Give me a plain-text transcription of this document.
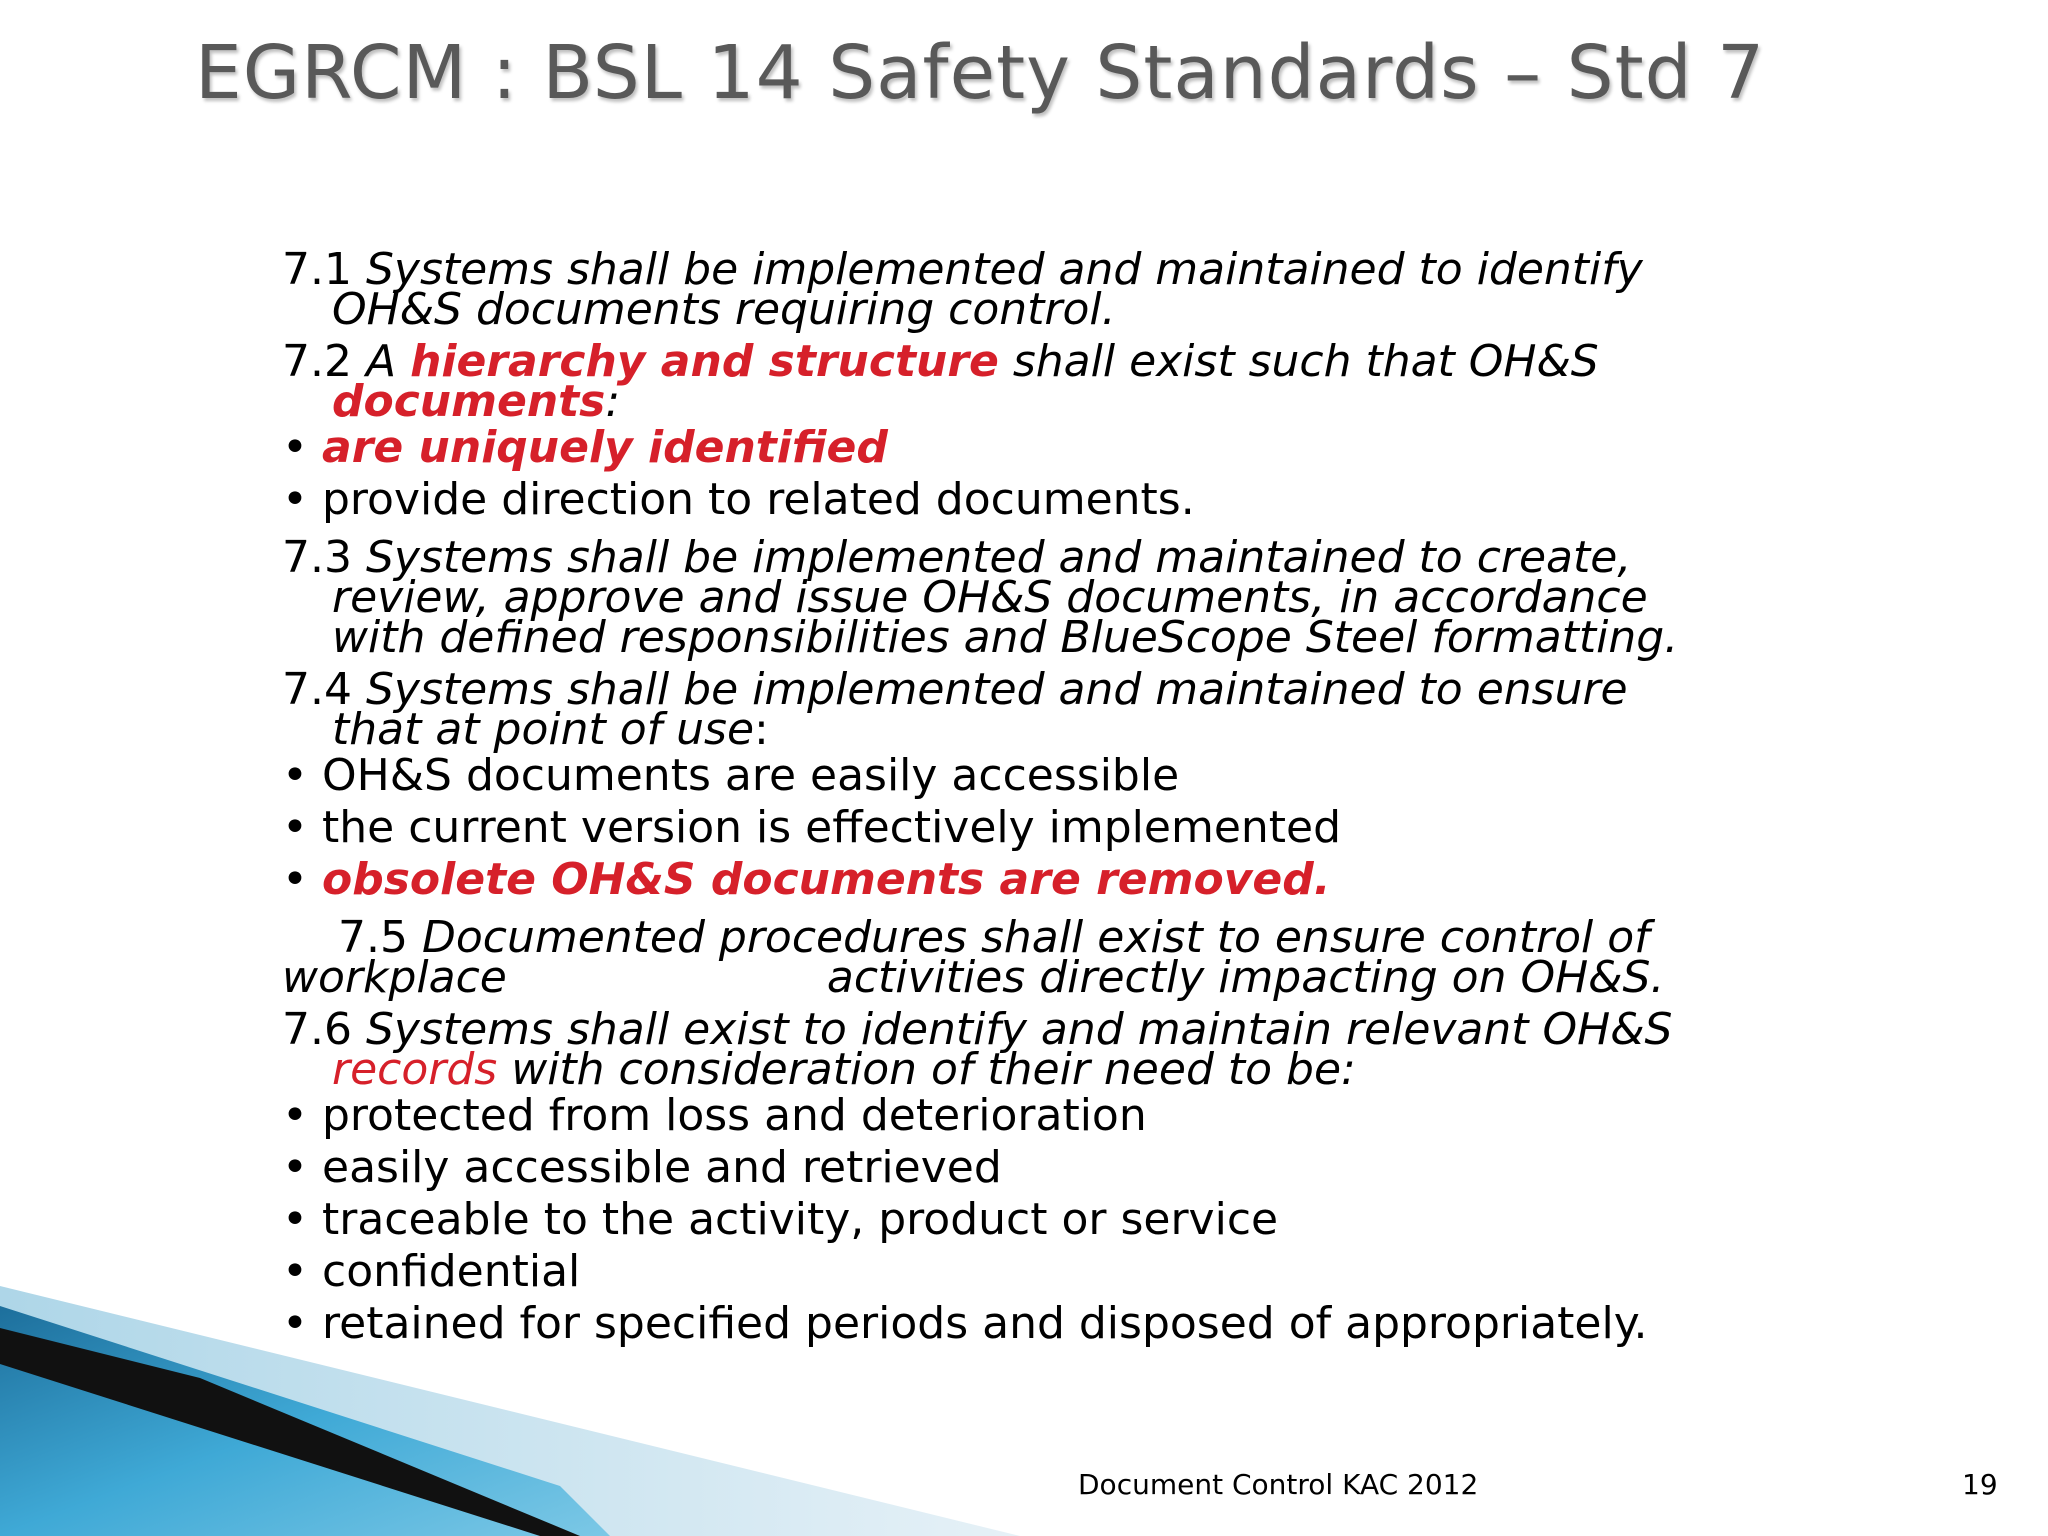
EGRCM : BSL 14 Safety Standards – Std 7
7.1 Systems shall be implemented and maintained to identify
OH&S documents requiring control.
7.2 A hierarchy and structure shall exist such that OH&S
documents:
• are uniquely identified
• provide direction to related documents.
7.3 Systems shall be implemented and maintained to create,
review, approve and issue OH&S documents, in accordance
with defined responsibilities and BlueScope Steel formatting.
7.4 Systems shall be implemented and maintained to ensure
that at point of use:
• OH&S documents are easily accessible
• the current version is effectively implemented
• obsolete OH&S documents are removed.
7.5 Documented procedures shall exist to ensure control of
workplace	activities directly impacting on OH&S.
7.6 Systems shall exist to identify and maintain relevant OH&S
records with consideration of their need to be:
• protected from loss and deterioration
• easily accessible and retrieved
• traceable to the activity, product or service
• confidential
• retained for specified periods and disposed of appropriately.
Document Control KAC 2012	19
